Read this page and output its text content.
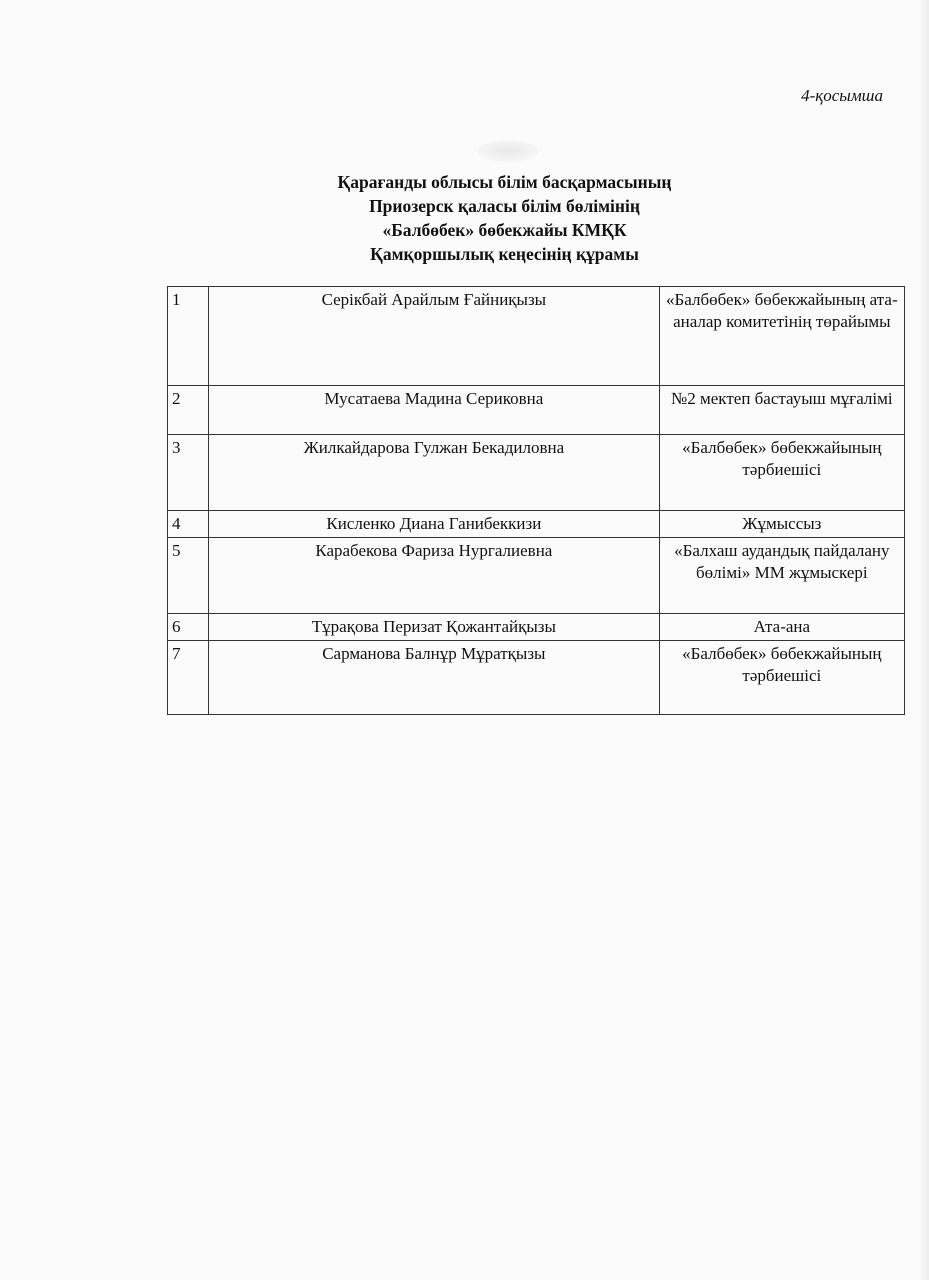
4-қосымша
Қарағанды облысы білім басқармасының
Приозерск қаласы білім бөлімінің
«Балбөбек» бөбекжайы КМҚК
Қамқоршылық кеңесінің құрамы
1	Серікбай Арайлым Ғайниқызы	«Балбөбек» бөбекжайының ата-аналар комитетінің төрайымы
2	Мусатаева Мадина Сериковна	№2 мектеп бастауыш мұғалімі
3	Жилкайдарова Гулжан Бекадиловна	«Балбөбек» бөбекжайының тәрбиешісі
4	Кисленко Диана Ганибеккизи	Жұмыссыз
5	Карабекова Фариза Нургалиевна	«Балхаш аудандық пайдалану бөлімі» ММ жұмыскері
6	Тұрақова Перизат Қожантайқызы	Ата-ана
7	Сарманова Балнұр Мұратқызы	«Балбөбек» бөбекжайының тәрбиешісі
